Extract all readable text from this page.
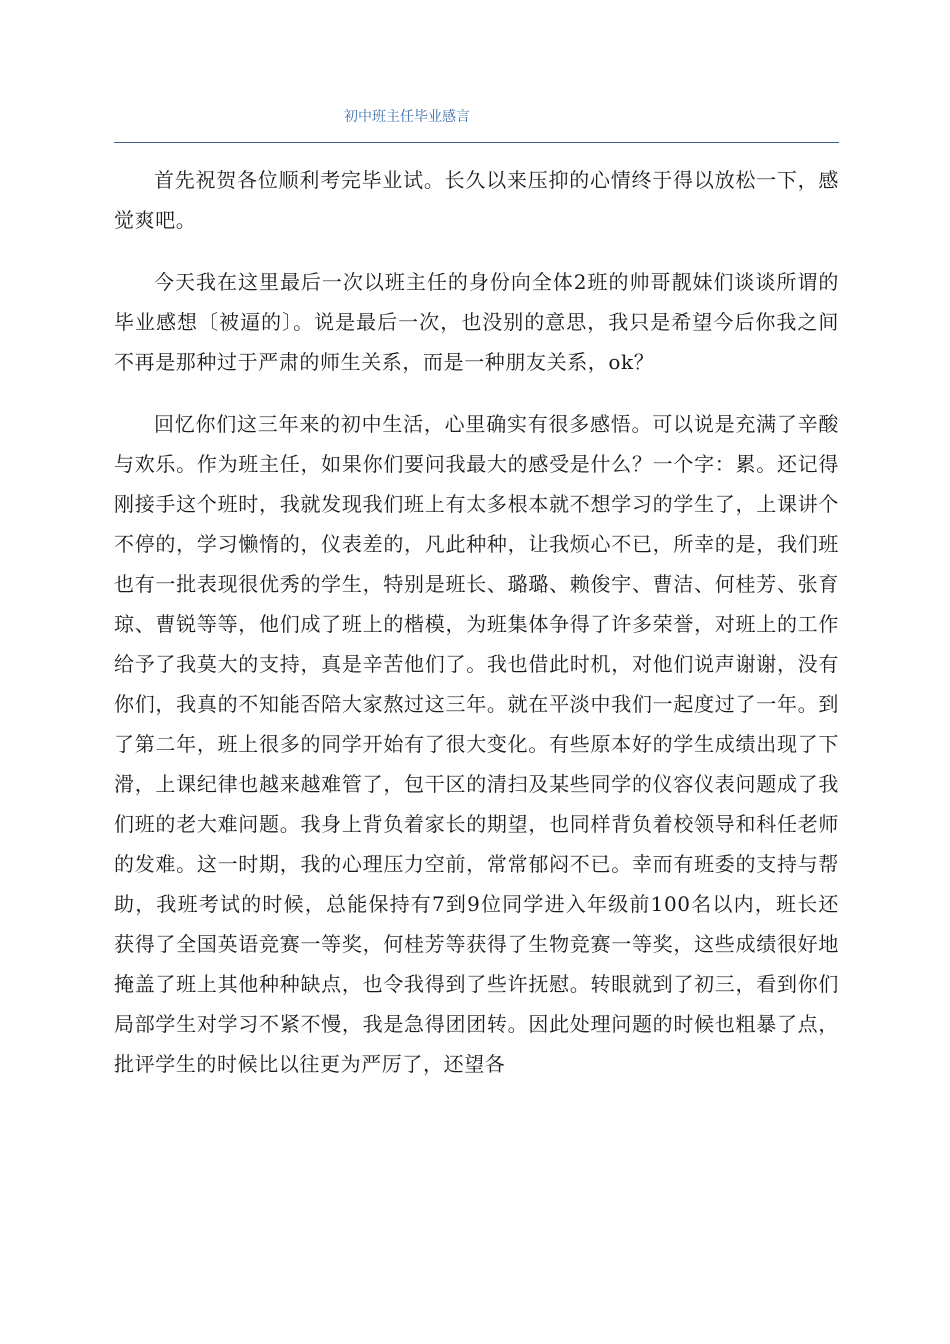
初中班主任毕业感言

首先祝贺各位顺利考完毕业试。长久以来压抑的心情终于得以放松一下，感觉爽吧。

今天我在这里最后一次以班主任的身份向全体2班的帅哥靓妹们谈谈所谓的毕业感想〔被逼的〕。说是最后一次，也没别的意思，我只是希望今后你我之间不再是那种过于严肃的师生关系，而是一种朋友关系，ok？

回忆你们这三年来的初中生活，心里确实有很多感悟。可以说是充满了辛酸与欢乐。作为班主任，如果你们要问我最大的感受是什么？一个字：累。还记得刚接手这个班时，我就发现我们班上有太多根本就不想学习的学生了，上课讲个不停的，学习懒惰的，仪表差的，凡此种种，让我烦心不已，所幸的是，我们班也有一批表现很优秀的学生，特别是班长、璐璐、赖俊宇、曹洁、何桂芳、张育琼、曹锐等等，他们成了班上的楷模，为班集体争得了许多荣誉，对班上的工作给予了我莫大的支持，真是辛苦他们了。我也借此时机，对他们说声谢谢，没有你们，我真的不知能否陪大家熬过这三年。就在平淡中我们一起度过了一年。到了第二年，班上很多的同学开始有了很大变化。有些原本好的学生成绩出现了下滑，上课纪律也越来越难管了，包干区的清扫及某些同学的仪容仪表问题成了我们班的老大难问题。我身上背负着家长的期望，也同样背负着校领导和科任老师的发难。这一时期，我的心理压力空前，常常郁闷不已。幸而有班委的支持与帮助，我班考试的时候，总能保持有7到9位同学进入年级前100名以内，班长还获得了全国英语竞赛一等奖，何桂芳等获得了生物竞赛一等奖，这些成绩很好地掩盖了班上其他种种缺点，也令我得到了些许抚慰。转眼就到了初三，看到你们局部学生对学习不紧不慢，我是急得团团转。因此处理问题的时候也粗暴了点，批评学生的时候比以往更为严厉了，还望各
